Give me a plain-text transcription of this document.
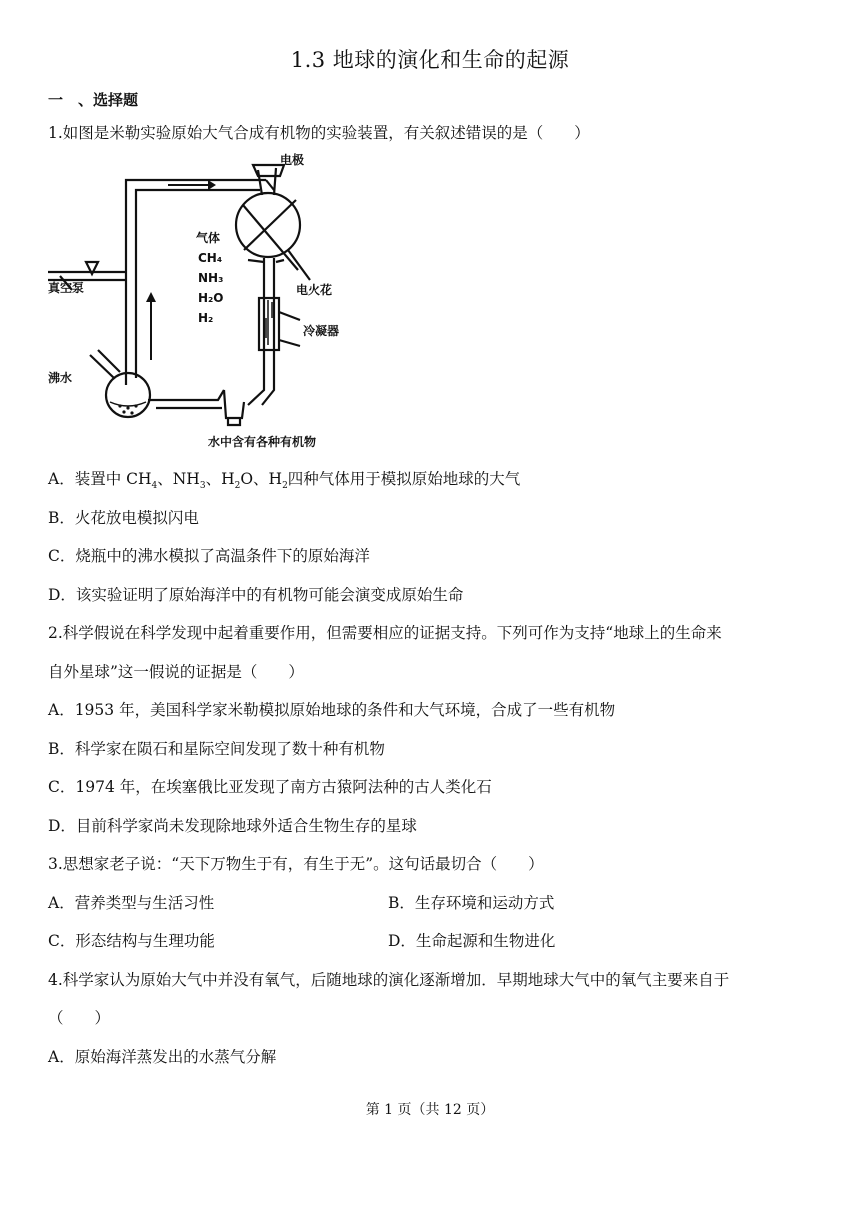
1.3 地球的演化和生命的起源
一　、选择题
1.如图是米勒实验原始大气合成有机物的实验装置，有关叙述错误的是（　　）
电极
气体
CH₄
NH₃
H₂O
H₂
电火花
真空泵
冷凝器
沸水
水中含有各种有机物
A．装置中 $CH_4$、$NH_3$、$H_2O$、$H_2$四种气体用于模拟原始地球的大气
B．火花放电模拟闪电
C．烧瓶中的沸水模拟了高温条件下的原始海洋
D．该实验证明了原始海洋中的有机物可能会演变成原始生命
2.科学假说在科学发现中起着重要作用，但需要相应的证据支持。下列可作为支持“地球上的生命来
自外星球”这一假说的证据是（　　）
A．1953 年，美国科学家米勒模拟原始地球的条件和大气环境，合成了一些有机物
B．科学家在陨石和星际空间发现了数十种有机物
C．1974 年，在埃塞俄比亚发现了南方古猿阿法种的古人类化石
D．目前科学家尚未发现除地球外适合生物生存的星球
3.思想家老子说：“天下万物生于有，有生于无”。这句话最切合（　　）
A．营养类型与生活习性	B．生存环境和运动方式
C．形态结构与生理功能	D．生命起源和生物进化
4.科学家认为原始大气中并没有氧气，后随地球的演化逐渐增加．早期地球大气中的氧气主要来自于
（　　）
A．原始海洋蒸发出的水蒸气分解
第 1 页（共 12 页）
